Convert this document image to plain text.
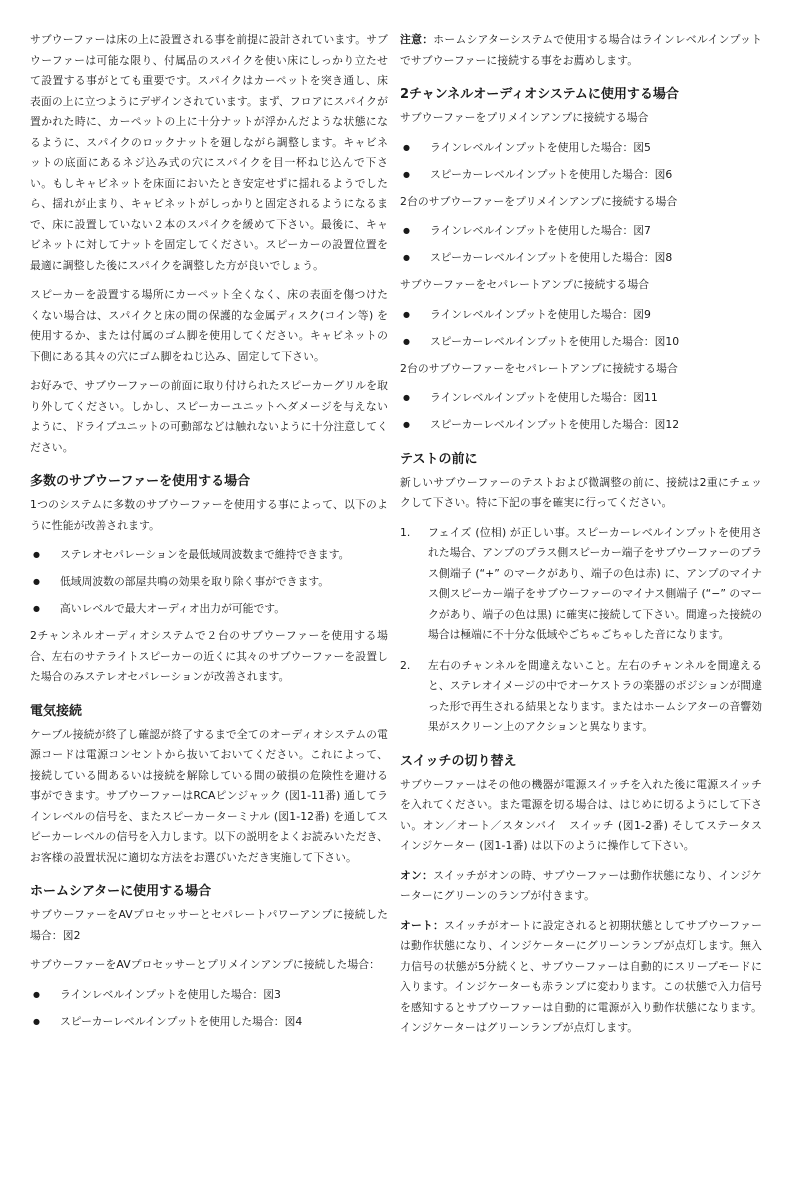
サブウーファーは床の上に設置される事を前提に設計されています。サブウーファーは可能な限り、付属品のスパイクを使い床にしっかり立たせて設置する事がとても重要です。スパイクはカーペットを突き通し、床表面の上に立つようにデザインされています。まず、フロアにスパイクが置かれた時に、カーペットの上に十分ナットが浮かんだような状態になるように、スパイクのロックナットを廻しながら調整します。キャビネットの底面にあるネジ込み式の穴にスパイクを目一杯ねじ込んで下さい。もしキャビネットを床面においたとき安定せずに揺れるようでしたら、揺れが止まり、キャビネットがしっかりと固定されるようになるまで、床に設置していない２本のスパイクを緩めて下さい。最後に、キャビネットに対してナットを固定してください。スピーカーの設置位置を最適に調整した後にスパイクを調整した方が良いでしょう。

スピーカーを設置する場所にカーペット全くなく、床の表面を傷つけたくない場合は、スパイクと床の間の保護的な金属ディスク(コイン等) を使用するか、または付属のゴム脚を使用してください。キャビネットの下側にある其々の穴にゴム脚をねじ込み、固定して下さい。

お好みで、サブウーファーの前面に取り付けられたスピーカーグリルを取り外してください。しかし、スピーカーユニットへダメージを与えないように、ドライブユニットの可動部などは触れないように十分注意してください。

多数のサブウーファーを使用する場合

1つのシステムに多数のサブウーファーを使用する事によって、以下のように性能が改善されます。

● ステレオセパレーションを最低域周波数まで維持できます。
● 低域周波数の部屋共鳴の効果を取り除く事ができます。
● 高いレベルで最大オーディオ出力が可能です。

2チャンネルオーディオシステムで２台のサブウーファーを使用する場合、左右のサテライトスピーカーの近くに其々のサブウーファーを設置した場合のみステレオセパレーションが改善されます。

電気接続

ケーブル接続が終了し確認が終了するまで全てのオーディオシステムの電源コードは電源コンセントから抜いておいてください。これによって、接続している間あるいは接続を解除している間の破損の危険性を避ける事ができます。サブウーファーはRCAピンジャック (図1-11番) 通してラインレベルの信号を、またスピーカーターミナル (図1-12番) を通してスピーカーレベルの信号を入力します。以下の説明をよくお読みいただき、お客様の設置状況に適切な方法をお選びいただき実施して下さい。

ホームシアターに使用する場合

サブウーファーをAVプロセッサーとセパレートパワーアンプに接続した場合：図2

サブウーファーをAVプロセッサーとプリメインアンプに接続した場合：

● ラインレベルインプットを使用した場合：図3
● スピーカーレベルインプットを使用した場合：図4

注意：ホームシアターシステムで使用する場合はラインレベルインプットでサブウーファーに接続する事をお薦めします。

2チャンネルオーディオシステムに使用する場合

サブウーファーをプリメインアンプに接続する場合

● ラインレベルインプットを使用した場合：図5
● スピーカーレベルインプットを使用した場合：図6

2台のサブウーファーをプリメインアンプに接続する場合

● ラインレベルインプットを使用した場合：図7
● スピーカーレベルインプットを使用した場合：図8

サブウーファーをセパレートアンプに接続する場合

● ラインレベルインプットを使用した場合：図9
● スピーカーレベルインプットを使用した場合：図10

2台のサブウーファーをセパレートアンプに接続する場合

● ラインレベルインプットを使用した場合：図11
● スピーカーレベルインプットを使用した場合：図12
テストの前に

新しいサブウーファーのテストおよび微調整の前に、接続は2重にチェックして下さい。特に下記の事を確実に行ってください。

1. フェイズ (位相) が正しい事。スピーカーレベルインプットを使用された場合、アンプのプラス側スピーカー端子をサブウーファーのプラス側端子 (“+” のマークがあり、端子の色は赤) に、アンプのマイナス側スピーカー端子をサブウーファーのマイナス側端子 (“−” のマークがあり、端子の色は黒) に確実に接続して下さい。間違った接続の場合は極端に不十分な低域やごちゃごちゃした音になります。
2. 左右のチャンネルを間違えないこと。左右のチャンネルを間違えると、ステレオイメージの中でオーケストラの楽器のポジションが間違った形で再生される結果となります。またはホームシアターの音響効果がスクリーン上のアクションと異なります。
スイッチの切り替え

サブウーファーはその他の機器が電源スイッチを入れた後に電源スイッチを入れてください。また電源を切る場合は、はじめに切るようにして下さい。オン／オート／スタンバイ　スイッチ (図1-2番) そしてステータス　インジケーター (図1-1番) は以下のように操作して下さい。

オン：スイッチがオンの時、サブウーファーは動作状態になり、インジケーターにグリーンのランプが付きます。

オート：スイッチがオートに設定されると初期状態としてサブウーファーは動作状態になり、インジケーターにグリーンランプが点灯します。無入力信号の状態が5分続くと、サブウーファーは自動的にスリープモードに入ります。インジケーターも赤ランプに変わります。この状態で入力信号を感知するとサブウーファーは自動的に電源が入り動作状態になります。インジケーターはグリーンランプが点灯します。
